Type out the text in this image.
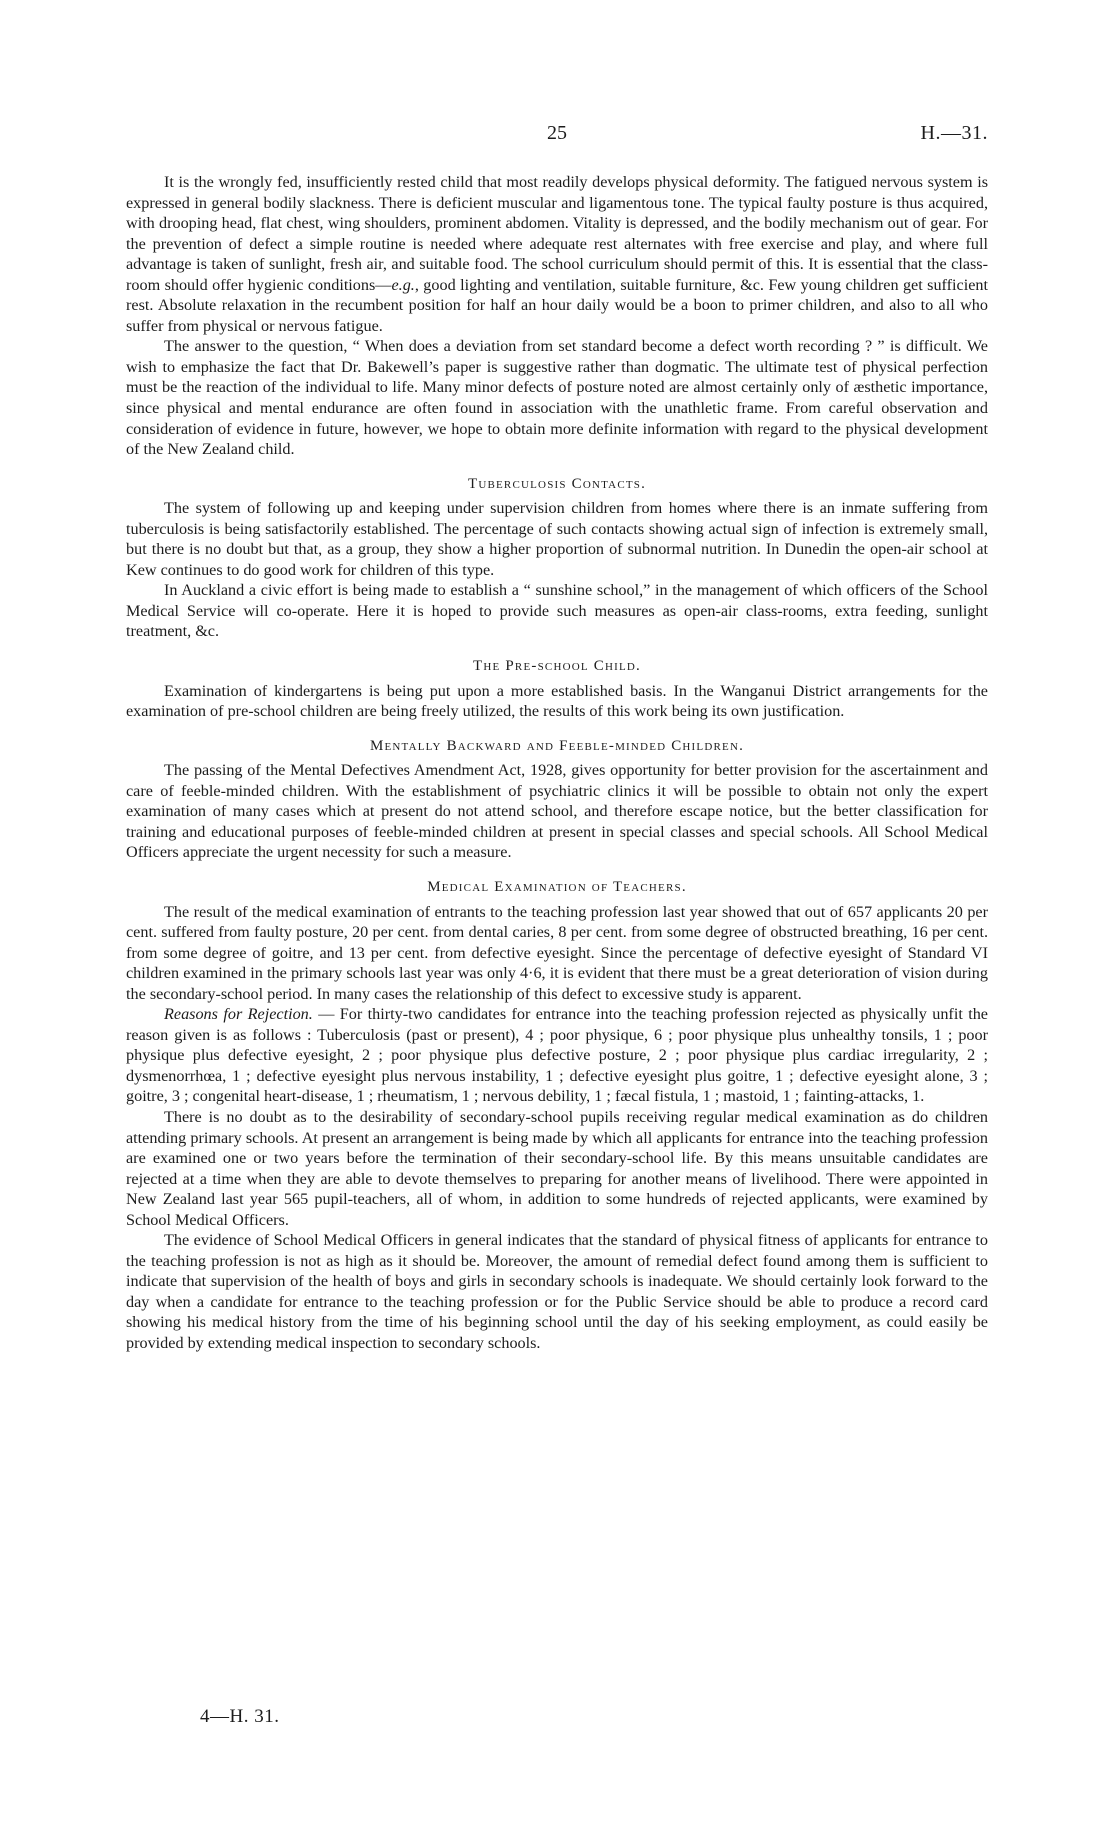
25	H.—31.

It is the wrongly fed, insufficiently rested child that most readily develops physical deformity. The fatigued nervous system is expressed in general bodily slackness. There is deficient muscular and ligamentous tone. The typical faulty posture is thus acquired, with drooping head, flat chest, wing shoulders, prominent abdomen. Vitality is depressed, and the bodily mechanism out of gear. For the prevention of defect a simple routine is needed where adequate rest alternates with free exercise and play, and where full advantage is taken of sunlight, fresh air, and suitable food. The school curriculum should permit of this. It is essential that the class-room should offer hygienic conditions—e.g., good lighting and ventilation, suitable furniture, &c. Few young children get sufficient rest. Absolute relaxation in the recumbent position for half an hour daily would be a boon to primer children, and also to all who suffer from physical or nervous fatigue.

The answer to the question, “ When does a deviation from set standard become a defect worth recording ? ” is difficult. We wish to emphasize the fact that Dr. Bakewell’s paper is suggestive rather than dogmatic. The ultimate test of physical perfection must be the reaction of the individual to life. Many minor defects of posture noted are almost certainly only of æsthetic importance, since physical and mental endurance are often found in association with the unathletic frame. From careful observation and consideration of evidence in future, however, we hope to obtain more definite information with regard to the physical development of the New Zealand child.

Tuberculosis Contacts.

The system of following up and keeping under supervision children from homes where there is an inmate suffering from tuberculosis is being satisfactorily established. The percentage of such contacts showing actual sign of infection is extremely small, but there is no doubt but that, as a group, they show a higher proportion of subnormal nutrition. In Dunedin the open-air school at Kew continues to do good work for children of this type.

In Auckland a civic effort is being made to establish a “ sunshine school,” in the management of which officers of the School Medical Service will co-operate. Here it is hoped to provide such measures as open-air class-rooms, extra feeding, sunlight treatment, &c.

The Pre-school Child.

Examination of kindergartens is being put upon a more established basis. In the Wanganui District arrangements for the examination of pre-school children are being freely utilized, the results of this work being its own justification.

Mentally Backward and Feeble-minded Children.

The passing of the Mental Defectives Amendment Act, 1928, gives opportunity for better provision for the ascertainment and care of feeble-minded children. With the establishment of psychiatric clinics it will be possible to obtain not only the expert examination of many cases which at present do not attend school, and therefore escape notice, but the better classification for training and educational purposes of feeble-minded children at present in special classes and special schools. All School Medical Officers appreciate the urgent necessity for such a measure.

Medical Examination of Teachers.

The result of the medical examination of entrants to the teaching profession last year showed that out of 657 applicants 20 per cent. suffered from faulty posture, 20 per cent. from dental caries, 8 per cent. from some degree of obstructed breathing, 16 per cent. from some degree of goitre, and 13 per cent. from defective eyesight. Since the percentage of defective eyesight of Standard VI children examined in the primary schools last year was only 4·6, it is evident that there must be a great deterioration of vision during the secondary-school period. In many cases the relationship of this defect to excessive study is apparent.

Reasons for Rejection. — For thirty-two candidates for entrance into the teaching profession rejected as physically unfit the reason given is as follows : Tuberculosis (past or present), 4 ; poor physique, 6 ; poor physique plus unhealthy tonsils, 1 ; poor physique plus defective eyesight, 2 ; poor physique plus defective posture, 2 ; poor physique plus cardiac irregularity, 2 ; dysmenorrhœa, 1 ; defective eyesight plus nervous instability, 1 ; defective eyesight plus goitre, 1 ; defective eyesight alone, 3 ; goitre, 3 ; congenital heart-disease, 1 ; rheumatism, 1 ; nervous debility, 1 ; fæcal fistula, 1 ; mastoid, 1 ; fainting-attacks, 1.

There is no doubt as to the desirability of secondary-school pupils receiving regular medical examination as do children attending primary schools. At present an arrangement is being made by which all applicants for entrance into the teaching profession are examined one or two years before the termination of their secondary-school life. By this means unsuitable candidates are rejected at a time when they are able to devote themselves to preparing for another means of livelihood. There were appointed in New Zealand last year 565 pupil-teachers, all of whom, in addition to some hundreds of rejected applicants, were examined by School Medical Officers.

The evidence of School Medical Officers in general indicates that the standard of physical fitness of applicants for entrance to the teaching profession is not as high as it should be. Moreover, the amount of remedial defect found among them is sufficient to indicate that supervision of the health of boys and girls in secondary schools is inadequate. We should certainly look forward to the day when a candidate for entrance to the teaching profession or for the Public Service should be able to produce a record card showing his medical history from the time of his beginning school until the day of his seeking employment, as could easily be provided by extending medical inspection to secondary schools.

4—H. 31.
